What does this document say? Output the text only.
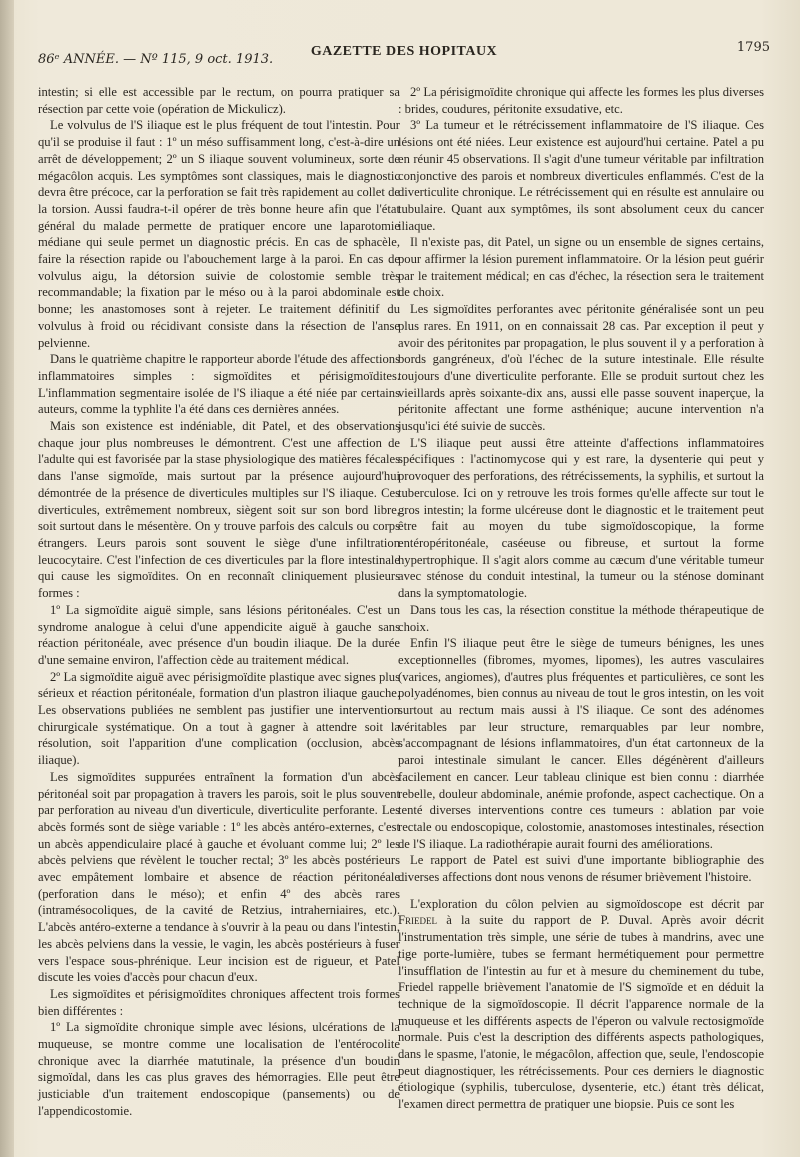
86ᵉ ANNÉE. — Nº 115, 9 oct. 1913.
GAZETTE DES HOPITAUX	1795

intestin; si elle est accessible par le rectum, on pourra pratiquer sa résection par cette voie (opération de Mickulicz).

Le volvulus de l'S iliaque est le plus fréquent de tout l'intestin. Pour qu'il se produise il faut : 1º un méso suffisamment long, c'est-à-dire un arrêt de développement; 2º un S iliaque souvent volumineux, sorte de mégacôlon acquis. Les symptômes sont classiques, mais le diagnostic devra être précoce, car la perforation se fait très rapidement au collet de la torsion. Aussi faudra-t-il opérer de très bonne heure afin que l'état général du malade permette de pratiquer encore une laparotomie médiane qui seule permet un diagnostic précis. En cas de sphacèle, faire la résection rapide ou l'abouchement large à la paroi. En cas de volvulus aigu, la détorsion suivie de colostomie semble très recommandable; la fixation par le méso ou à la paroi abdominale est bonne; les anastomoses sont à rejeter. Le traitement définitif du volvulus à froid ou récidivant consiste dans la résection de l'anse pelvienne.

Dans le quatrième chapitre le rapporteur aborde l'étude des affections inflammatoires simples : sigmoïdites et périsigmoïdites. L'inflammation segmentaire isolée de l'S iliaque a été niée par certains auteurs, comme la typhlite l'a été dans ces dernières années.

Mais son existence est indéniable, dit Patel, et des observations chaque jour plus nombreuses le démontrent. C'est une affection de l'adulte qui est favorisée par la stase physiologique des matières fécales dans l'anse sigmoïde, mais surtout par la présence aujourd'hui démontrée de la présence de diverticules multiples sur l'S iliaque. Ces diverticules, extrêmement nombreux, siègent soit sur son bord libre, soit surtout dans le mésentère. On y trouve parfois des calculs ou corps étrangers. Leurs parois sont souvent le siège d'une infiltration leucocytaire. C'est l'infection de ces diverticules par la flore intestinale qui cause les sigmoïdites. On en reconnaît cliniquement plusieurs formes :

1º La sigmoïdite aiguë simple, sans lésions péritonéales. C'est un syndrome analogue à celui d'une appendicite aiguë à gauche sans réaction péritonéale, avec présence d'un boudin iliaque. De la durée d'une semaine environ, l'affection cède au traitement médical.

2º La sigmoïdite aiguë avec périsigmoïdite plastique avec signes plus sérieux et réaction péritonéale, formation d'un plastron iliaque gauche. Les observations publiées ne semblent pas justifier une intervention chirurgicale systématique. On a tout à gagner à attendre soit la résolution, soit l'apparition d'une complication (occlusion, abcès iliaque).

Les sigmoïdites suppurées entraînent la formation d'un abcès péritonéal soit par propagation à travers les parois, soit le plus souvent par perforation au niveau d'un diverticule, diverticulite perforante. Les abcès formés sont de siège variable : 1º les abcès antéro-externes, c'est un abcès appendiculaire placé à gauche et évoluant comme lui; 2º les abcès pelviens que révèlent le toucher rectal; 3º les abcès postérieurs avec empâtement lombaire et absence de réaction péritonéale (perforation dans le méso); et enfin 4º des abcès rares (intramésocoliques, de la cavité de Retzius, intraherniaires, etc.). L'abcès antéro-externe a tendance à s'ouvrir à la peau ou dans l'intestin, les abcès pelviens dans la vessie, le vagin, les abcès postérieurs à fuser vers l'espace sous-phrénique. Leur incision est de rigueur, et Patel discute les voies d'accès pour chacun d'eux.

Les sigmoïdites et périsigmoïdites chroniques affectent trois formes bien différentes :

1º La sigmoïdite chronique simple avec lésions, ulcérations de la muqueuse, se montre comme une localisation de l'entérocolite chronique avec la diarrhée matutinale, la présence d'un boudin sigmoïdal, dans les cas plus graves des hémorragies. Elle peut être justiciable d'un traitement endoscopique (pansements) ou de l'appendicostomie.

2º La périsigmoïdite chronique qui affecte les formes les plus diverses : brides, coudures, péritonite exsudative, etc.

3º La tumeur et le rétrécissement inflammatoire de l'S iliaque. Ces lésions ont été niées. Leur existence est aujourd'hui certaine. Patel a pu en réunir 45 observations. Il s'agit d'une tumeur véritable par infiltration conjonctive des parois et nombreux diverticules enflammés. C'est de la diverticulite chronique. Le rétrécissement qui en résulte est annulaire ou tubulaire. Quant aux symptômes, ils sont absolument ceux du cancer iliaque.

Il n'existe pas, dit Patel, un signe ou un ensemble de signes certains, pour affirmer la lésion purement inflammatoire. Or la lésion peut guérir par le traitement médical; en cas d'échec, la résection sera le traitement de choix.

Les sigmoïdites perforantes avec péritonite généralisée sont un peu plus rares. En 1911, on en connaissait 28 cas. Par exception il peut y avoir des péritonites par propagation, le plus souvent il y a perforation à bords gangréneux, d'où l'échec de la suture intestinale. Elle résulte toujours d'une diverticulite perforante. Elle se produit surtout chez les vieillards après soixante-dix ans, aussi elle passe souvent inaperçue, la péritonite affectant une forme asthénique; aucune intervention n'a jusqu'ici été suivie de succès.

L'S iliaque peut aussi être atteinte d'affections inflammatoires spécifiques : l'actinomycose qui y est rare, la dysenterie qui peut y provoquer des perforations, des rétrécissements, la syphilis, et surtout la tuberculose. Ici on y retrouve les trois formes qu'elle affecte sur tout le gros intestin; la forme ulcéreuse dont le diagnostic et le traitement peut être fait au moyen du tube sigmoïdoscopique, la forme entéropéritonéale, caséeuse ou fibreuse, et surtout la forme hypertrophique. Il s'agit alors comme au cæcum d'une véritable tumeur avec sténose du conduit intestinal, la tumeur ou la sténose dominant dans la symptomatologie.

Dans tous les cas, la résection constitue la méthode thérapeutique de choix.

Enfin l'S iliaque peut être le siège de tumeurs bénignes, les unes exceptionnelles (fibromes, myomes, lipomes), les autres vasculaires (varices, angiomes), d'autres plus fréquentes et particulières, ce sont les polyadénomes, bien connus au niveau de tout le gros intestin, on les voit surtout au rectum mais aussi à l'S iliaque. Ce sont des adénomes véritables par leur structure, remarquables par leur nombre, s'accompagnant de lésions inflammatoires, d'un état cartonneux de la paroi intestinale simulant le cancer. Elles dégénèrent d'ailleurs facilement en cancer. Leur tableau clinique est bien connu : diarrhée rebelle, douleur abdominale, anémie profonde, aspect cachectique. On a tenté diverses interventions contre ces tumeurs : ablation par voie rectale ou endoscopique, colostomie, anastomoses intestinales, résection de l'S iliaque. La radiothérapie aurait fourni des améliorations.

Le rapport de Patel est suivi d'une importante bibliographie des diverses affections dont nous venons de résumer brièvement l'histoire.

L'exploration du côlon pelvien au sigmoïdoscope est décrit par Friedel à la suite du rapport de P. Duval. Après avoir décrit l'instrumentation très simple, une série de tubes à mandrins, avec une tige porte-lumière, tubes se fermant hermétiquement pour permettre l'insufflation de l'intestin au fur et à mesure du cheminement du tube, Friedel rappelle brièvement l'anatomie de l'S sigmoïde et en déduit la technique de la sigmoïdoscopie. Il décrit l'apparence normale de la muqueuse et les différents aspects de l'éperon ou valvule rectosigmoïde normale. Puis c'est la description des différents aspects pathologiques, dans le spasme, l'atonie, le mégacôlon, affection que, seule, l'endoscopie peut diagnostiquer, les rétrécissements. Pour ces derniers le diagnostic étiologique (syphilis, tuberculose, dysenterie, etc.) étant très délicat, l'examen direct permettra de pratiquer une biopsie. Puis ce sont les
